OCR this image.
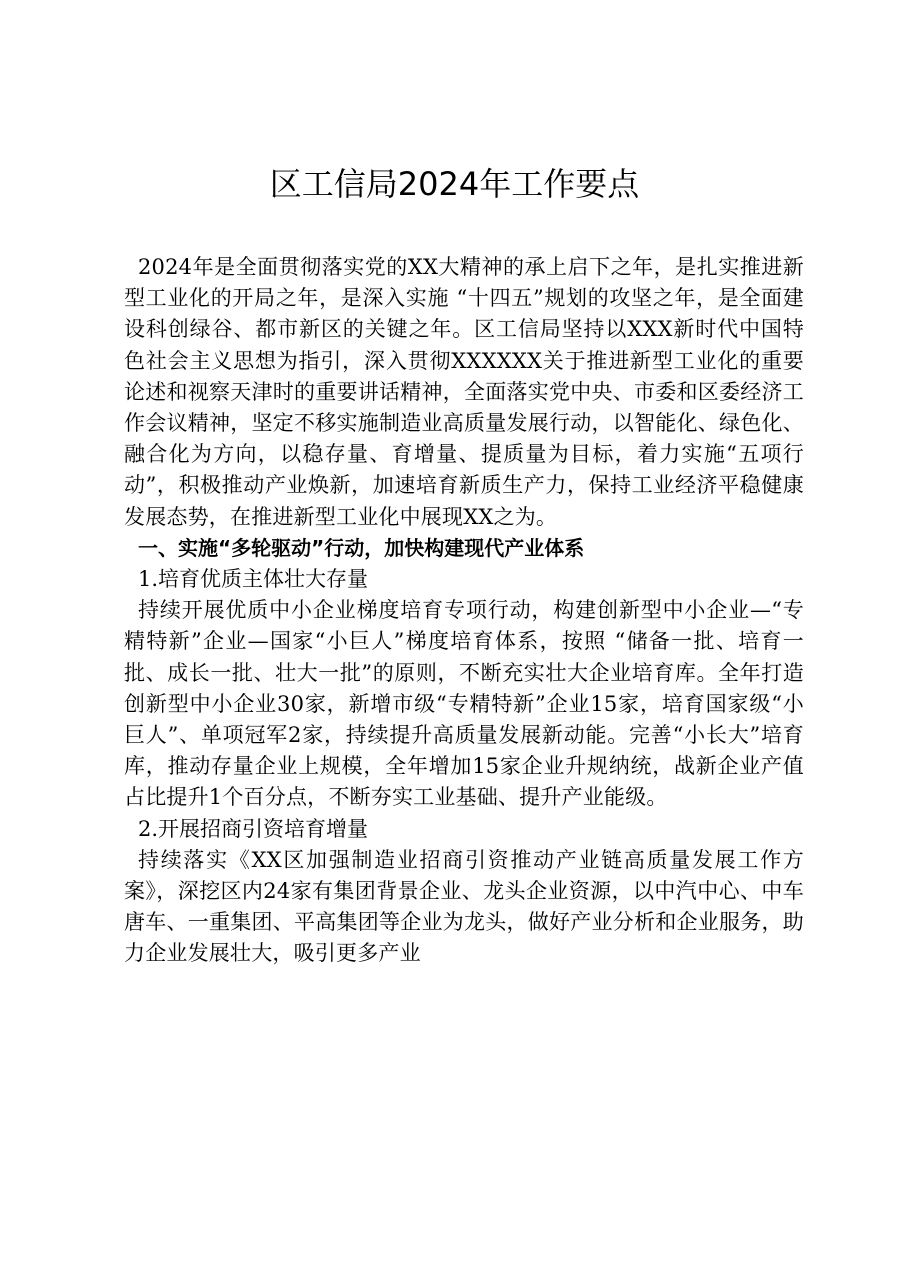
区工信局2024年工作要点

2024年是全面贯彻落实党的XX大精神的承上启下之年，是扎实推进新型工业化的开局之年，是深入实施 “十四五”规划的攻坚之年，是全面建设科创绿谷、都市新区的关键之年。区工信局坚持以XXX新时代中国特色社会主义思想为指引，深入贯彻XXXXXX关于推进新型工业化的重要论述和视察天津时的重要讲话精神，全面落实党中央、市委和区委经济工作会议精神，坚定不移实施制造业高质量发展行动，以智能化、绿色化、融合化为方向，以稳存量、育增量、提质量为目标，着力实施“五项行动”，积极推动产业焕新，加速培育新质生产力，保持工业经济平稳健康发展态势，在推进新型工业化中展现XX之为。

一、实施“多轮驱动”行动，加快构建现代产业体系

1.培育优质主体壮大存量

持续开展优质中小企业梯度培育专项行动，构建创新型中小企业—“专精特新”企业—国家“小巨人”梯度培育体系，按照 “储备一批、培育一批、成长一批、壮大一批”的原则，不断充实壮大企业培育库。全年打造创新型中小企业30家，新增市级“专精特新”企业15家，培育国家级“小巨人”、单项冠军2家，持续提升高质量发展新动能。完善“小长大”培育库，推动存量企业上规模，全年增加15家企业升规纳统，战新企业产值占比提升1个百分点，不断夯实工业基础、提升产业能级。

2.开展招商引资培育增量

持续落实《XX区加强制造业招商引资推动产业链高质量发展工作方案》，深挖区内24家有集团背景企业、龙头企业资源，以中汽中心、中车唐车、一重集团、平高集团等企业为龙头，做好产业分析和企业服务，助力企业发展壮大，吸引更多产业
